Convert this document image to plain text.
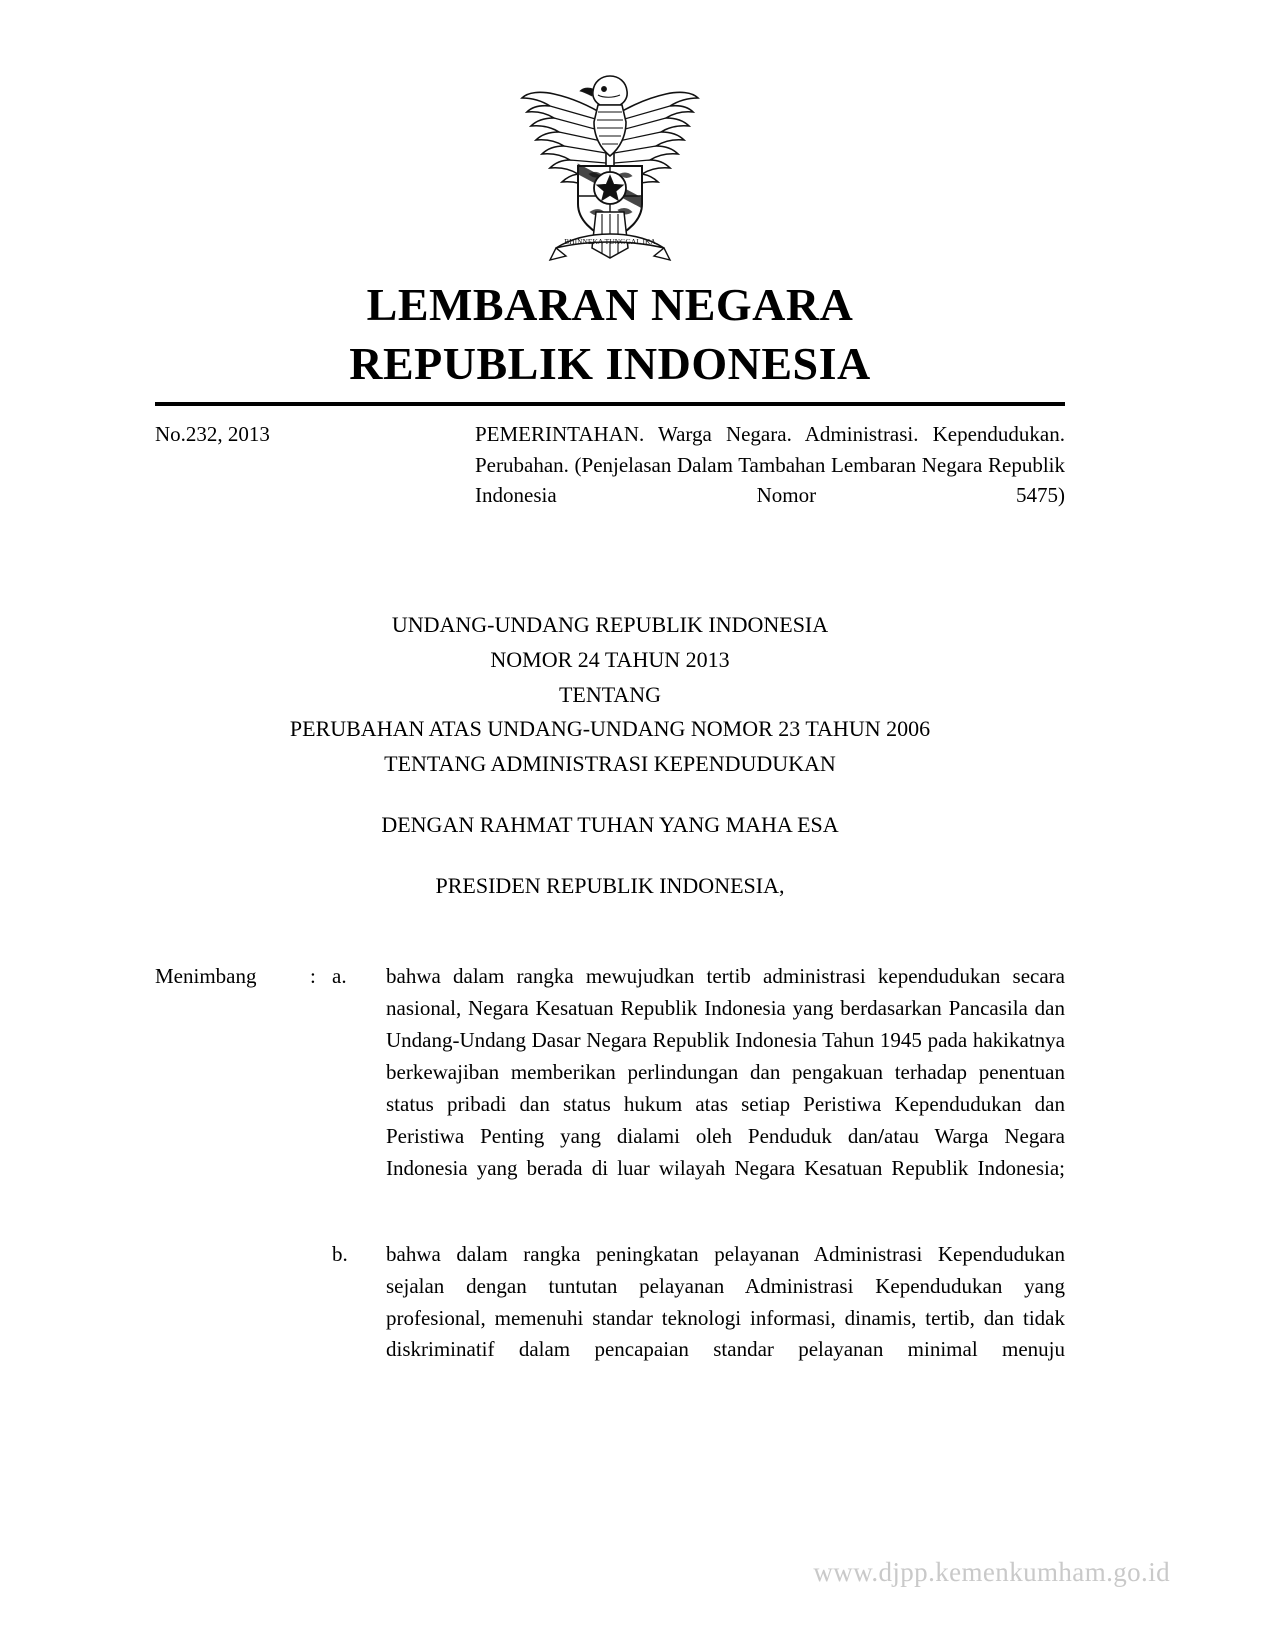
BHINNEKA TUNGGAL IKA
LEMBARAN NEGARA
REPUBLIK INDONESIA
No.232, 2013	PEMERINTAHAN. Warga Negara. Administrasi. Kependudukan. Perubahan. (Penjelasan Dalam Tambahan Lembaran Negara Republik Indonesia Nomor 5475)
UNDANG-UNDANG REPUBLIK INDONESIA
NOMOR 24 TAHUN 2013
TENTANG
PERUBAHAN ATAS UNDANG-UNDANG NOMOR 23 TAHUN 2006
TENTANG ADMINISTRASI KEPENDUDUKAN
DENGAN RAHMAT TUHAN YANG MAHA ESA
PRESIDEN REPUBLIK INDONESIA,
Menimbang	: a.	bahwa dalam rangka mewujudkan tertib administrasi kependudukan secara nasional, Negara Kesatuan Republik Indonesia yang berdasarkan Pancasila dan Undang-Undang Dasar Negara Republik Indonesia Tahun 1945 pada hakikatnya berkewajiban memberikan perlindungan dan pengakuan terhadap penentuan status pribadi dan status hukum atas setiap Peristiwa Kependudukan dan Peristiwa Penting yang dialami oleh Penduduk dan/atau Warga Negara Indonesia yang berada di luar wilayah Negara Kesatuan Republik Indonesia;
b.	bahwa dalam rangka peningkatan pelayanan Administrasi Kependudukan sejalan dengan tuntutan pelayanan Administrasi Kependudukan yang profesional, memenuhi standar teknologi informasi, dinamis, tertib, dan tidak diskriminatif dalam pencapaian standar pelayanan minimal menuju
www.djpp.kemenkumham.go.id
